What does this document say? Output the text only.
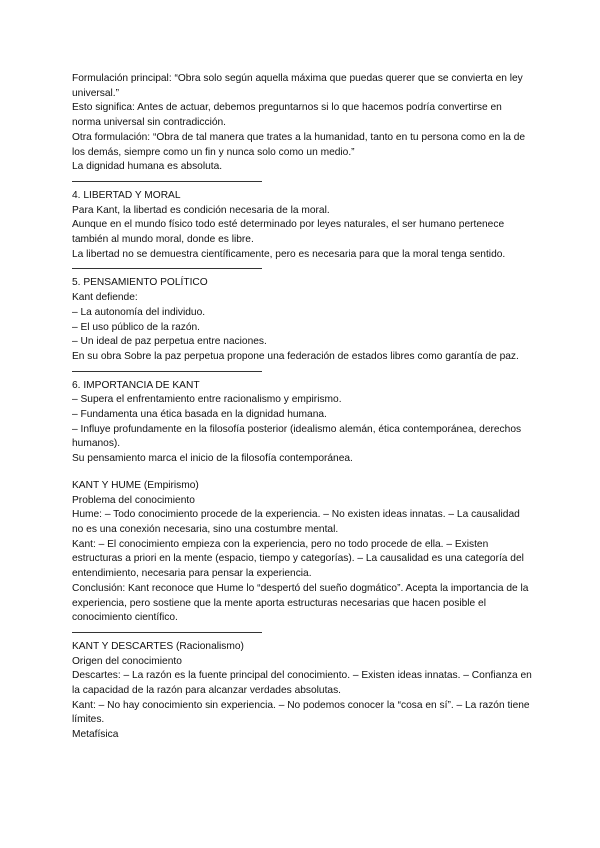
Formulación principal: “Obra solo según aquella máxima que puedas querer que se convierta en ley universal.”

Esto significa: Antes de actuar, debemos preguntarnos si lo que hacemos podría convertirse en norma universal sin contradicción.

Otra formulación: “Obra de tal manera que trates a la humanidad, tanto en tu persona como en la de los demás, siempre como un fin y nunca solo como un medio.”

La dignidad humana es absoluta.

4. LIBERTAD Y MORAL

Para Kant, la libertad es condición necesaria de la moral.

Aunque en el mundo físico todo esté determinado por leyes naturales, el ser humano pertenece también al mundo moral, donde es libre.

La libertad no se demuestra científicamente, pero es necesaria para que la moral tenga sentido.

5. PENSAMIENTO POLÍTICO

Kant defiende:

– La autonomía del individuo.

– El uso público de la razón.

– Un ideal de paz perpetua entre naciones.

En su obra Sobre la paz perpetua propone una federación de estados libres como garantía de paz.

6. IMPORTANCIA DE KANT

– Supera el enfrentamiento entre racionalismo y empirismo.

– Fundamenta una ética basada en la dignidad humana.

– Influye profundamente en la filosofía posterior (idealismo alemán, ética contemporánea, derechos humanos).

Su pensamiento marca el inicio de la filosofía contemporánea.

KANT Y HUME (Empirismo)

Problema del conocimiento

Hume: – Todo conocimiento procede de la experiencia. – No existen ideas innatas. – La causalidad no es una conexión necesaria, sino una costumbre mental.

Kant: – El conocimiento empieza con la experiencia, pero no todo procede de ella. – Existen estructuras a priori en la mente (espacio, tiempo y categorías). – La causalidad es una categoría del entendimiento, necesaria para pensar la experiencia.

Conclusión: Kant reconoce que Hume lo “despertó del sueño dogmático”. Acepta la importancia de la experiencia, pero sostiene que la mente aporta estructuras necesarias que hacen posible el conocimiento científico.

KANT Y DESCARTES (Racionalismo)

Origen del conocimiento

Descartes: – La razón es la fuente principal del conocimiento. – Existen ideas innatas. – Confianza en la capacidad de la razón para alcanzar verdades absolutas.

Kant: – No hay conocimiento sin experiencia. – No podemos conocer la “cosa en sí”. – La razón tiene límites.

Metafísica
